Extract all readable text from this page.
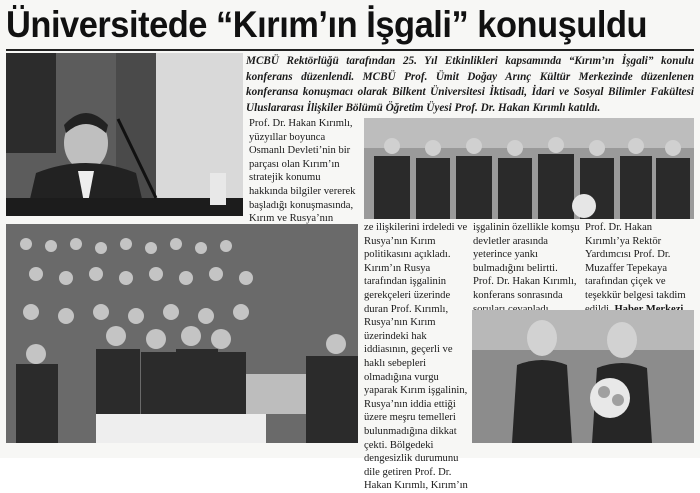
Üniversitede “Kırım’ın İşgali” konuşuldu
MCBÜ Rektörlüğü tarafından 25. Yıl Etkinlikleri kapsamında “Kırım’ın İşgali” konulu konferans düzenlendi. MCBÜ Prof. Ümit Doğay Arınç Kültür Merkezinde düzenlenen konferansa konuşmacı olarak Bilkent Üniversitesi İktisadi, İdari ve Sosyal Bilimler Fakültesi Uluslararası İlişkiler Bölümü Öğretim Üyesi Prof. Dr. Hakan Kırımlı katıldı.
Prof. Dr. Hakan Kırımlı, yüzyıllar boyunca Osmanlı Devleti’nin bir parçası olan Kırım’ın stratejik konumu hakkında bilgiler vererek başladığı konuşmasında, Kırım ve Rusya’nın
ze ilişkilerini irdeledi ve Rusya’nın Kırım politikasını açıkladı. Kırım’ın Rusya tarafından işgalinin gerekçeleri üzerinde duran Prof. Kırımlı, Rusya’nın Kırım üzerindeki hak iddiasının, geçerli ve haklı sebepleri olmadığına vurgu yaparak Kırım işgalinin, Rusya’nın iddia ettiği üzere meşru temelleri bulunmadığına dikkat çekti. Bölgedeki dengesizlik durumunu dile getiren Prof. Dr. Hakan Kırımlı, Kırım’ın
işgalinin özellikle komşu devletler arasında yeterince yankı bulmadığını belirtti. Prof. Dr. Hakan Kırımlı, konferans sonrasında
Prof. Dr. Hakan Kırımlı’ya Rektör Yardımcısı Prof. Dr. Muzaffer Tepekaya tarafından çiçek ve teşekkür belgesi takdim
